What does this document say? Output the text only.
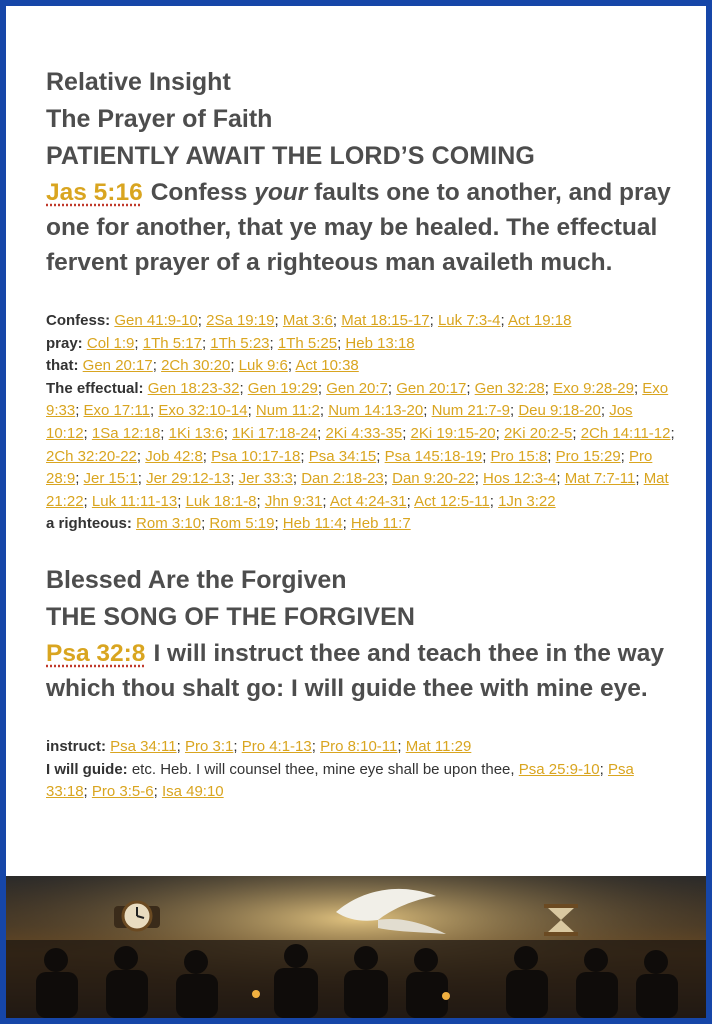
Relative Insight
The Prayer of Faith
PATIENTLY AWAIT THE LORD’S COMING

Jas 5:16 Confess your faults one to another, and pray one for another, that ye may be healed. The effectual fervent prayer of a righteous man availeth much.

Confess: Gen 41:9-10; 2Sa 19:19; Mat 3:6; Mat 18:15-17; Luk 7:3-4; Act 19:18
pray: Col 1:9; 1Th 5:17; 1Th 5:23; 1Th 5:25; Heb 13:18
that: Gen 20:17; 2Ch 30:20; Luk 9:6; Act 10:38
The effectual: Gen 18:23-32; Gen 19:29; Gen 20:7; Gen 20:17; Gen 32:28; Exo 9:28-29; Exo 9:33; Exo 17:11; Exo 32:10-14; Num 11:2; Num 14:13-20; Num 21:7-9; Deu 9:18-20; Jos 10:12; 1Sa 12:18; 1Ki 13:6; 1Ki 17:18-24; 2Ki 4:33-35; 2Ki 19:15-20; 2Ki 20:2-5; 2Ch 14:11-12; 2Ch 32:20-22; Job 42:8; Psa 10:17-18; Psa 34:15; Psa 145:18-19; Pro 15:8; Pro 15:29; Pro 28:9; Jer 15:1; Jer 29:12-13; Jer 33:3; Dan 2:18-23; Dan 9:20-22; Hos 12:3-4; Mat 7:7-11; Mat 21:22; Luk 11:11-13; Luk 18:1-8; Jhn 9:31; Act 4:24-31; Act 12:5-11; 1Jn 3:22
a righteous: Rom 3:10; Rom 5:19; Heb 11:4; Heb 11:7
Blessed Are the Forgiven
THE SONG OF THE FORGIVEN

Psa 32:8 I will instruct thee and teach thee in the way which thou shalt go: I will guide thee with mine eye.

instruct: Psa 34:11; Pro 3:1; Pro 4:1-13; Pro 8:10-11; Mat 11:29
I will guide: etc. Heb. I will counsel thee, mine eye shall be upon thee, Psa 25:9-10; Psa 33:18; Pro 3:5-6; Isa 49:10
